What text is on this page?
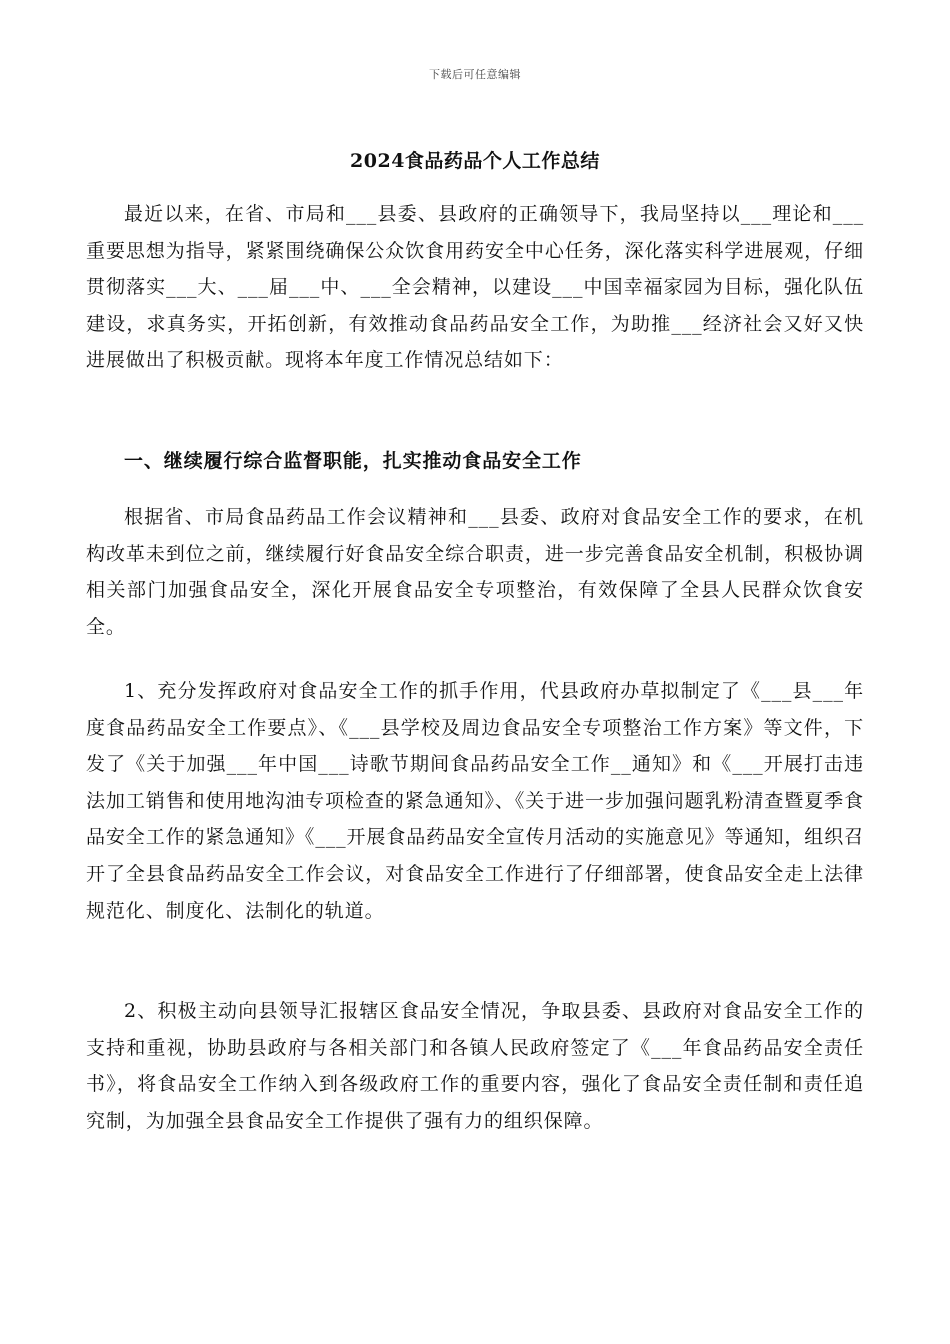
下载后可任意编辑
2024食品药品个人工作总结

最近以来，在省、市局和___县委、县政府的正确领导下，我局坚持以___理论和___重要思想为指导，紧紧围绕确保公众饮食用药安全中心任务，深化落实科学进展观，仔细贯彻落实___大、___届___中、___全会精神，以建设___中国幸福家园为目标，强化队伍建设，求真务实，开拓创新，有效推动食品药品安全工作，为助推___经济社会又好又快进展做出了积极贡献。现将本年度工作情况总结如下：

一、继续履行综合监督职能，扎实推动食品安全工作

根据省、市局食品药品工作会议精神和___县委、政府对食品安全工作的要求，在机构改革未到位之前，继续履行好食品安全综合职责，进一步完善食品安全机制，积极协调相关部门加强食品安全，深化开展食品安全专项整治，有效保障了全县人民群众饮食安全。

1、充分发挥政府对食品安全工作的抓手作用，代县政府办草拟制定了《___县___年度食品药品安全工作要点》、《___县学校及周边食品安全专项整治工作方案》等文件，下发了《关于加强___年中国___诗歌节期间食品药品安全工作__通知》和《___开展打击违法加工销售和使用地沟油专项检查的紧急通知》、《关于进一步加强问题乳粉清查暨夏季食品安全工作的紧急通知》《___开展食品药品安全宣传月活动的实施意见》等通知，组织召开了全县食品药品安全工作会议，对食品安全工作进行了仔细部署，使食品安全走上法律规范化、制度化、法制化的轨道。

2、积极主动向县领导汇报辖区食品安全情况，争取县委、县政府对食品安全工作的支持和重视，协助县政府与各相关部门和各镇人民政府签定了《___年食品药品安全责任书》，将食品安全工作纳入到各级政府工作的重要内容，强化了食品安全责任制和责任追究制，为加强全县食品安全工作提供了强有力的组织保障。
